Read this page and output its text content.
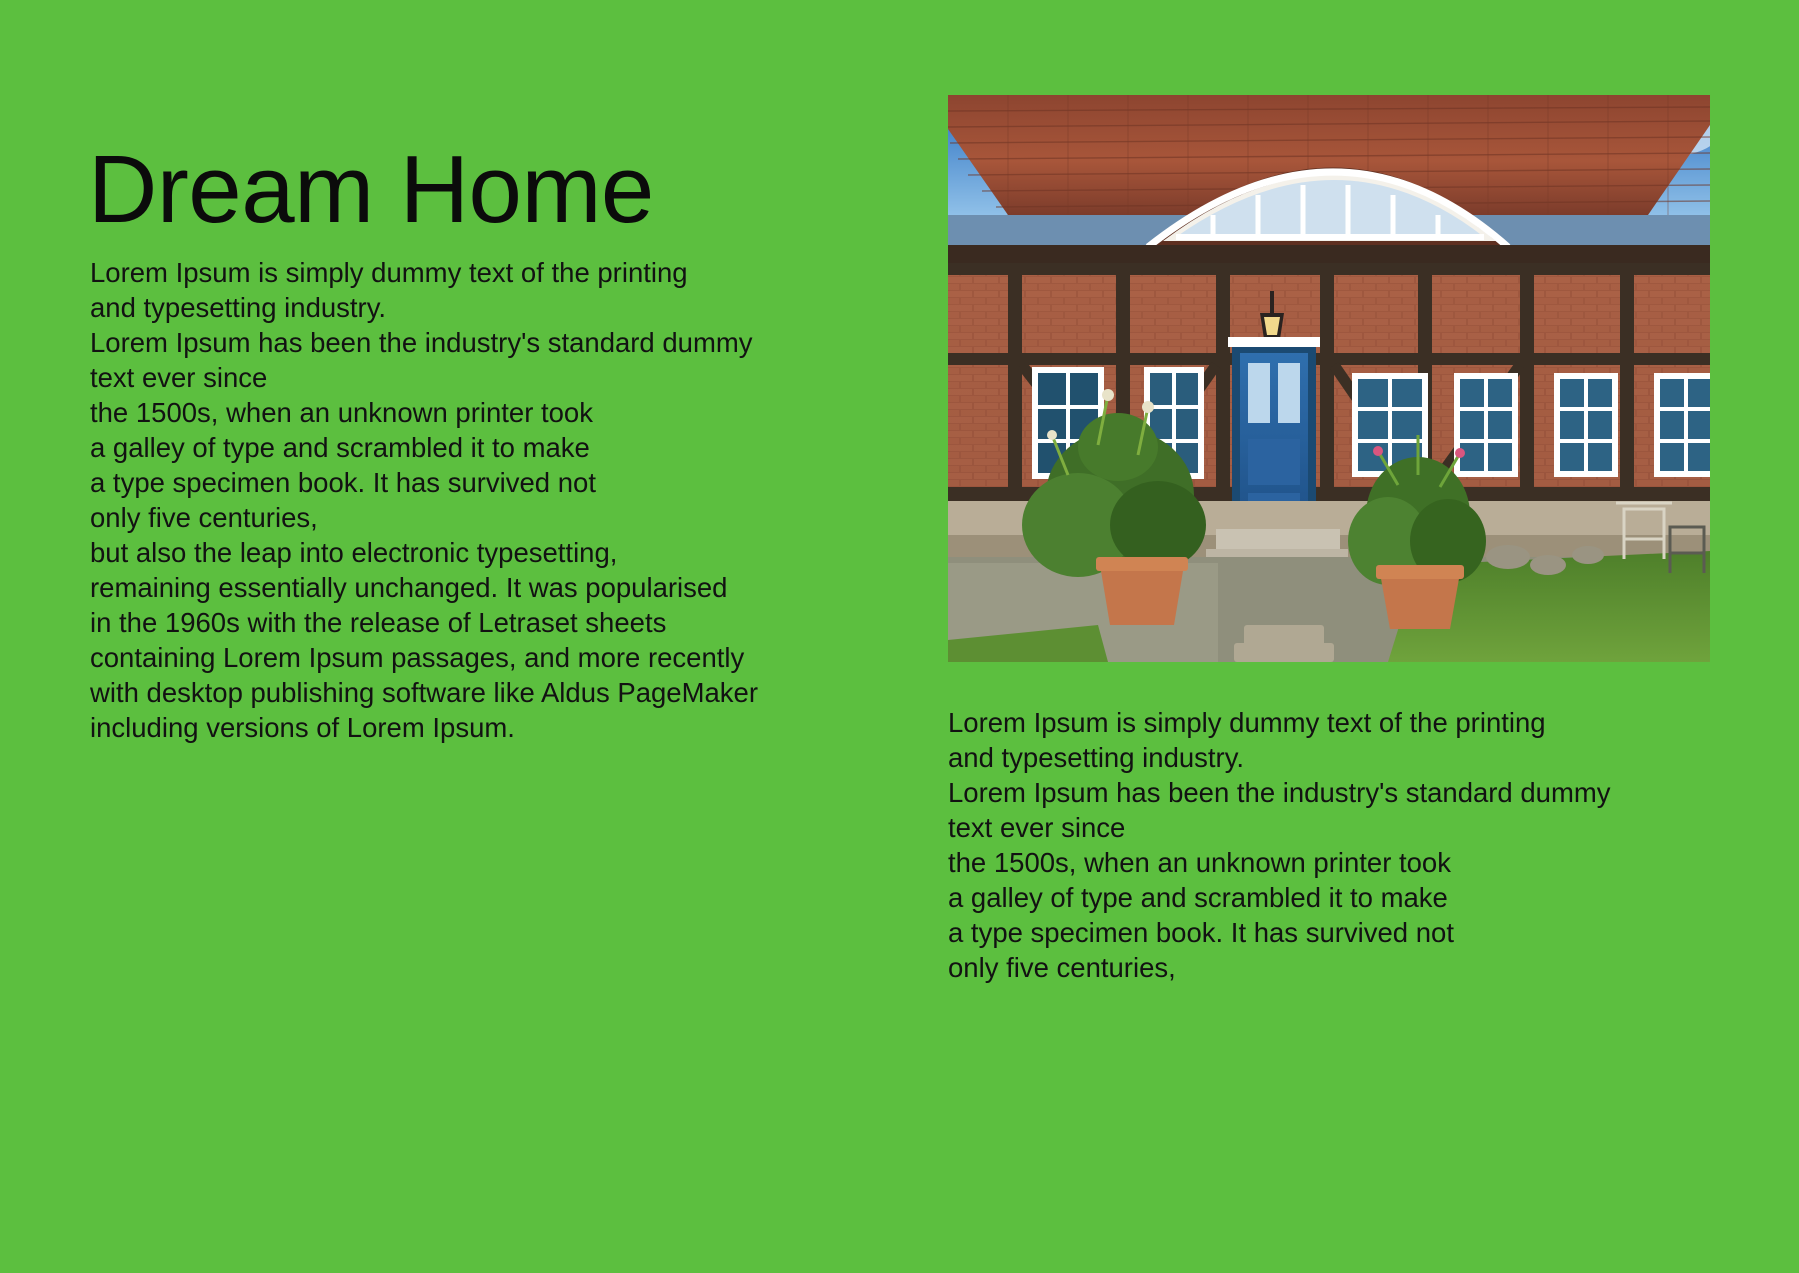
Dream Home

Lorem Ipsum is simply dummy text of the printing

and typesetting industry.

Lorem Ipsum has been the industry's standard dummy

text ever since

the 1500s, when an unknown printer took

a galley of type and scrambled it to make

a type specimen book. It has survived not

only five centuries,

but also the leap into electronic typesetting,

remaining essentially unchanged. It was popularised

in the 1960s with the release of Letraset sheets

containing Lorem Ipsum passages, and more recently

with desktop publishing software like Aldus PageMaker

including versions of Lorem Ipsum.	Lorem Ipsum is simply dummy text of the printing

and typesetting industry.

Lorem Ipsum has been the industry's standard dummy

text ever since

the 1500s, when an unknown printer took

a galley of type and scrambled it to make

a type specimen book. It has survived not

only five centuries,
